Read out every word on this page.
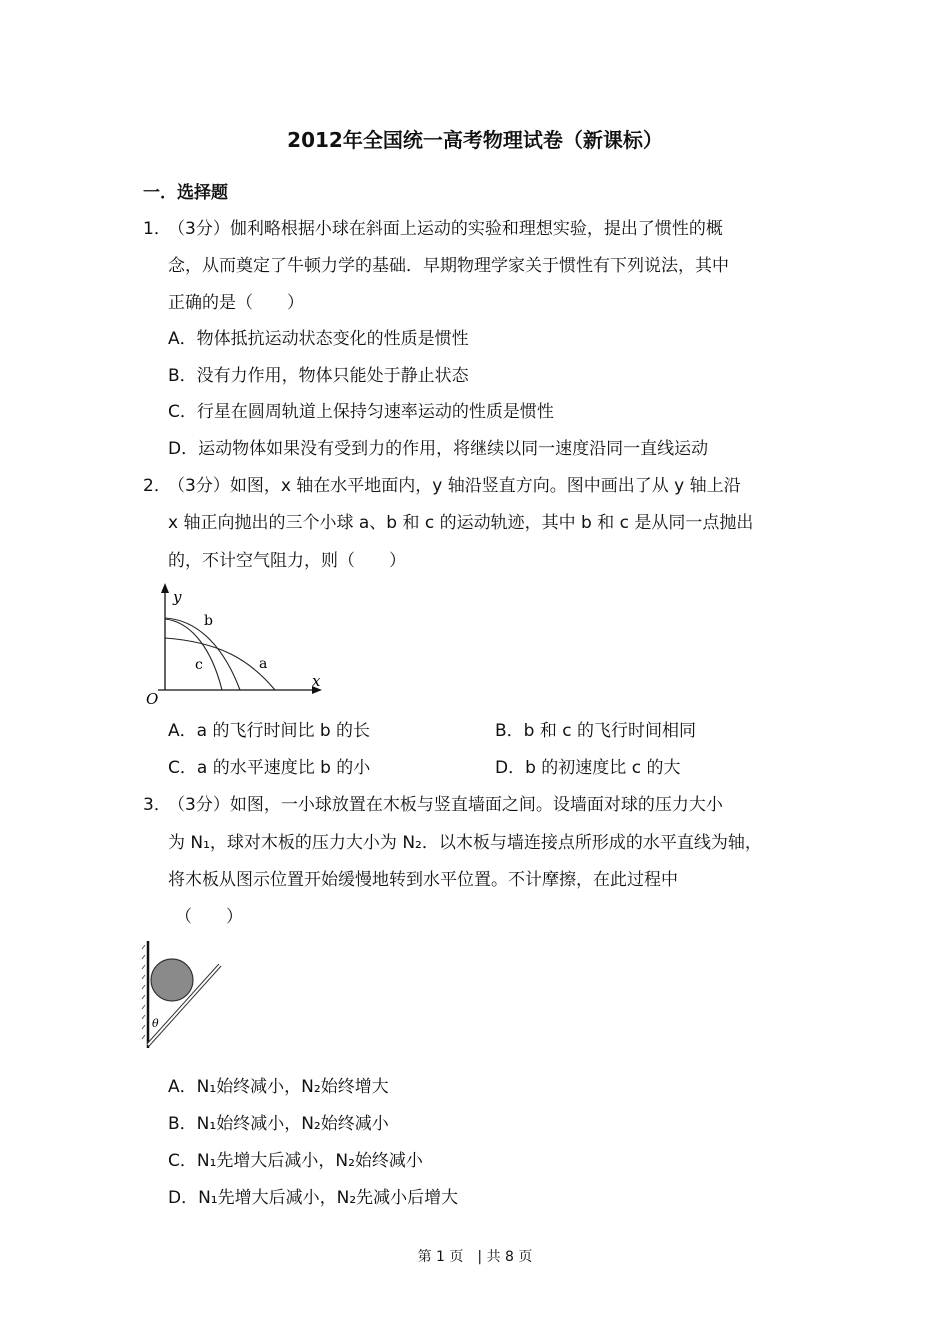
2012年全国统一高考物理试卷（新课标）
一．选择题
1．
（3分）伽利略根据小球在斜面上运动的实验和理想实验，提出了惯性的概
念，从而奠定了牛顿力学的基础．早期物理学家关于惯性有下列说法，其中
正确的是（　　）
A．物体抵抗运动状态变化的性质是惯性
B．没有力作用，物体只能处于静止状态
C．行星在圆周轨道上保持匀速率运动的性质是惯性
D．运动物体如果没有受到力的作用，将继续以同一速度沿同一直线运动
2．
（3分）如图，x 轴在水平地面内，y 轴沿竖直方向。图中画出了从 y 轴上沿
x 轴正向抛出的三个小球 a、b 和 c 的运动轨迹，其中 b 和 c 是从同一点抛出
的，不计空气阻力，则（　　）
y
x
O
b
c	a
A．a 的飞行时间比 b 的长	B．b 和 c 的飞行时间相同
C．a 的水平速度比 b 的小	D．b 的初速度比 c 的大
3．
（3分）如图，一小球放置在木板与竖直墙面之间。设墙面对球的压力大小
为 N₁，球对木板的压力大小为 N₂．以木板与墙连接点所形成的水平直线为轴，
将木板从图示位置开始缓慢地转到水平位置。不计摩擦，在此过程中
（　　）
θ
A．N₁始终减小，N₂始终增大
B．N₁始终减小，N₂始终减小
C．N₁先增大后减小，N₂始终减小
D．N₁先增大后减小，N₂先减小后增大
第 1 页　| 共 8 页
